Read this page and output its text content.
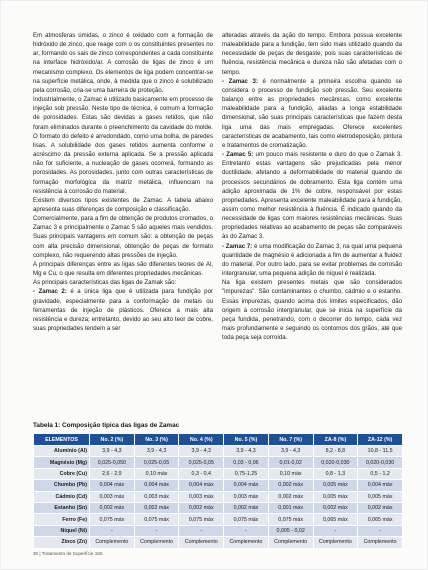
Em atmosferas úmidas, o zinco é oxidado com a formação de hidróxido de zinco, que reage com o os constituintes presentes no ar, formando os sais de zinco correspondentes a cada constituinte na interface hidróxido/ar. A corrosão de ligas de zinco é um mecanismo complexo. Os elementos de liga podem concentrar-se na superfície metálica, onde, à medida que o zinco é solubilizado pela corrosão, cria-se uma barreira de proteção.

Industrialmente, o Zamac é utilizado basicamente em processo de injeção sob pressão. Neste tipo de técnica, é comum a formação de porosidades. Estas são devidas a gases retidos, que não foram eliminados durante o preenchimento da cavidade do molde. O formato do defeito é arredondado, como uma bolha, de paredes lisas. A solubilidade dos gases retidos aumenta conforme o acréscimo da pressão externa aplicada. Se a pressão aplicada não for suficiente, a nucleação de gases ocorrerá, formando as porosidades. As porosidades, junto com outras características de formação morfológica da matriz metálica, influenciam na resistência à corrosão do material.

Existem diversos tipos existentes de Zamac. A tabela abaixo apresenta suas diferenças de composição e classificação.

Comercialmente, para a fim de obtenção de produtos cromados, o Zamac 3 e principalmente o Zamac 5 são aqueles mais vendidos. Suas principais vantagens em comum são: a obtenção de peças com alta precisão dimensional, obtenção de peças de formato complexo, não requerendo altas pressões de injeção.

A principais diferenças entre as ligas são diferentes teores de Al, Mg e Cu, o que resulta em diferentes propriedades mecânicas.

As principais características das ligas de Zamak são:

- Zamac 2: é a única liga que é utilizada para fundição por gravidade, especialmente para a conformação de metais ou ferramentas de injeção de plásticos. Oferece a mais alta resistência e dureza; entretanto, devido ao seu alto teor de cobre, suas propriedades tendem a ser

alteradas através da ação do tempo. Embora possua excelente maleabilidade para a fundição, tem sido mais utilizado quando da necessidade de peças de desgaste, pois suas características de fluência, resistência mecânica e dureza não são afetadas com o tempo.

- Zamac 3: é normalmente a primeira escolha quando se considera o processo de fundição sob pressão. Seu excelente balanço entre as propriedades mecânicas, como excelente maleabilidade para a fundição, aliadas a longa estabilidade dimensional, são suas principais características que fazem desta liga uma das mais empregadas. Oferece excelentes características de acabamento, tais como eletrodeposição, pintura e tratamentos de cromatização.

- Zamac 5: um pouco mais resistente e duro do que o Zamak 3. Entretanto estas vantagens são prejudicadas pela menor ductilidade, afetando a deformabilidade do material quando de processos secundários de dobramento. Esta liga contém uma adição aproximada de 1% de cobre, responsável por estas propriedades. Apresenta excelente maleabilidade para a fundição, assim como melhor resistência à fluência. É indicado quando da necessidade de ligas com maiores resistências mecânicas. Suas propriedades relativas ao acabamento de peças são comparáveis às do Zamac 3.

- Zamac 7: é uma modificação do Zamac 3, na qual uma pequena quantidade de magnésio é adicionada a fim de aumentar a fluidez do material. Por outro lado, para se evitar problemas de corrosão intergranular, uma pequena adição de níquel é realizada.

Na liga existem presentes metais que são considerados "impurezas". São contaminantes o chumbo, cádmio e o estanho. Essas impurezas, quando acima dos limites especificados, dão origem à corrosão intergranular, que se inicia na superfície da peça fundida, penetrando, com o decorrer do tempo, cada vez mais profundamente e seguindo os contornos dos grãos, até que toda peça seja corroída.

Tabela 1: Composição típica das ligas de Zamac
ELEMENTOS	No. 2 (%)	No. 3 (%)	No. 4 (%)	No. 5 (%)	No. 7 (%)	ZA-8 (%)	ZA-12 (%)
Alumínio (Al)	3,9 - 4,3	3,9 - 4,3	3,9 - 4,3	3,9 - 4,3	3,9 - 4,3	8,2 - 8,8	10,8 - 11,5
Magnésio (Mg)	0,025-0,050	0,025-0,05	0,025-0,05	0,03 - 0,06	0,01-0,02	0,020-0,030	0,020-0,030
Cobre (Cu)	2,6 - 2,9	0,10 máx	0,3 - 0,4	0,75-1,25	0,10 máx	0,8 - 1,3	0,5 - 1,2
Chumbo (Pb)	0,004 máx	0,004 máx	0,004 máx	0,004 máx	0,002 máx	0,005 máx	0,004 máx
Cádmio (Cd)	0,003 máx	0,003 máx	0,003 máx	0,003 máx	0,002 máx	0,005 máx	0,005 máx
Estanho (Sn)	0,002 máx	0,002 máx	0,002 máx	0,002 máx	0,001 máx	0,002 máx	0,002 máx
Ferro (Fe)	0,075 máx	0,075 máx	0,075 máx	0,075 máx	0,075 máx	0,065 máx	0,065 máx
Níquel (Ni)	-	-	-	-	0,005 - 0,02	-	-
Zinco (Zn)	Complemento	Complemento	Complemento	Complemento	Complemento	Complemento	Complemento
30 | Tratamento de Superfície 180
